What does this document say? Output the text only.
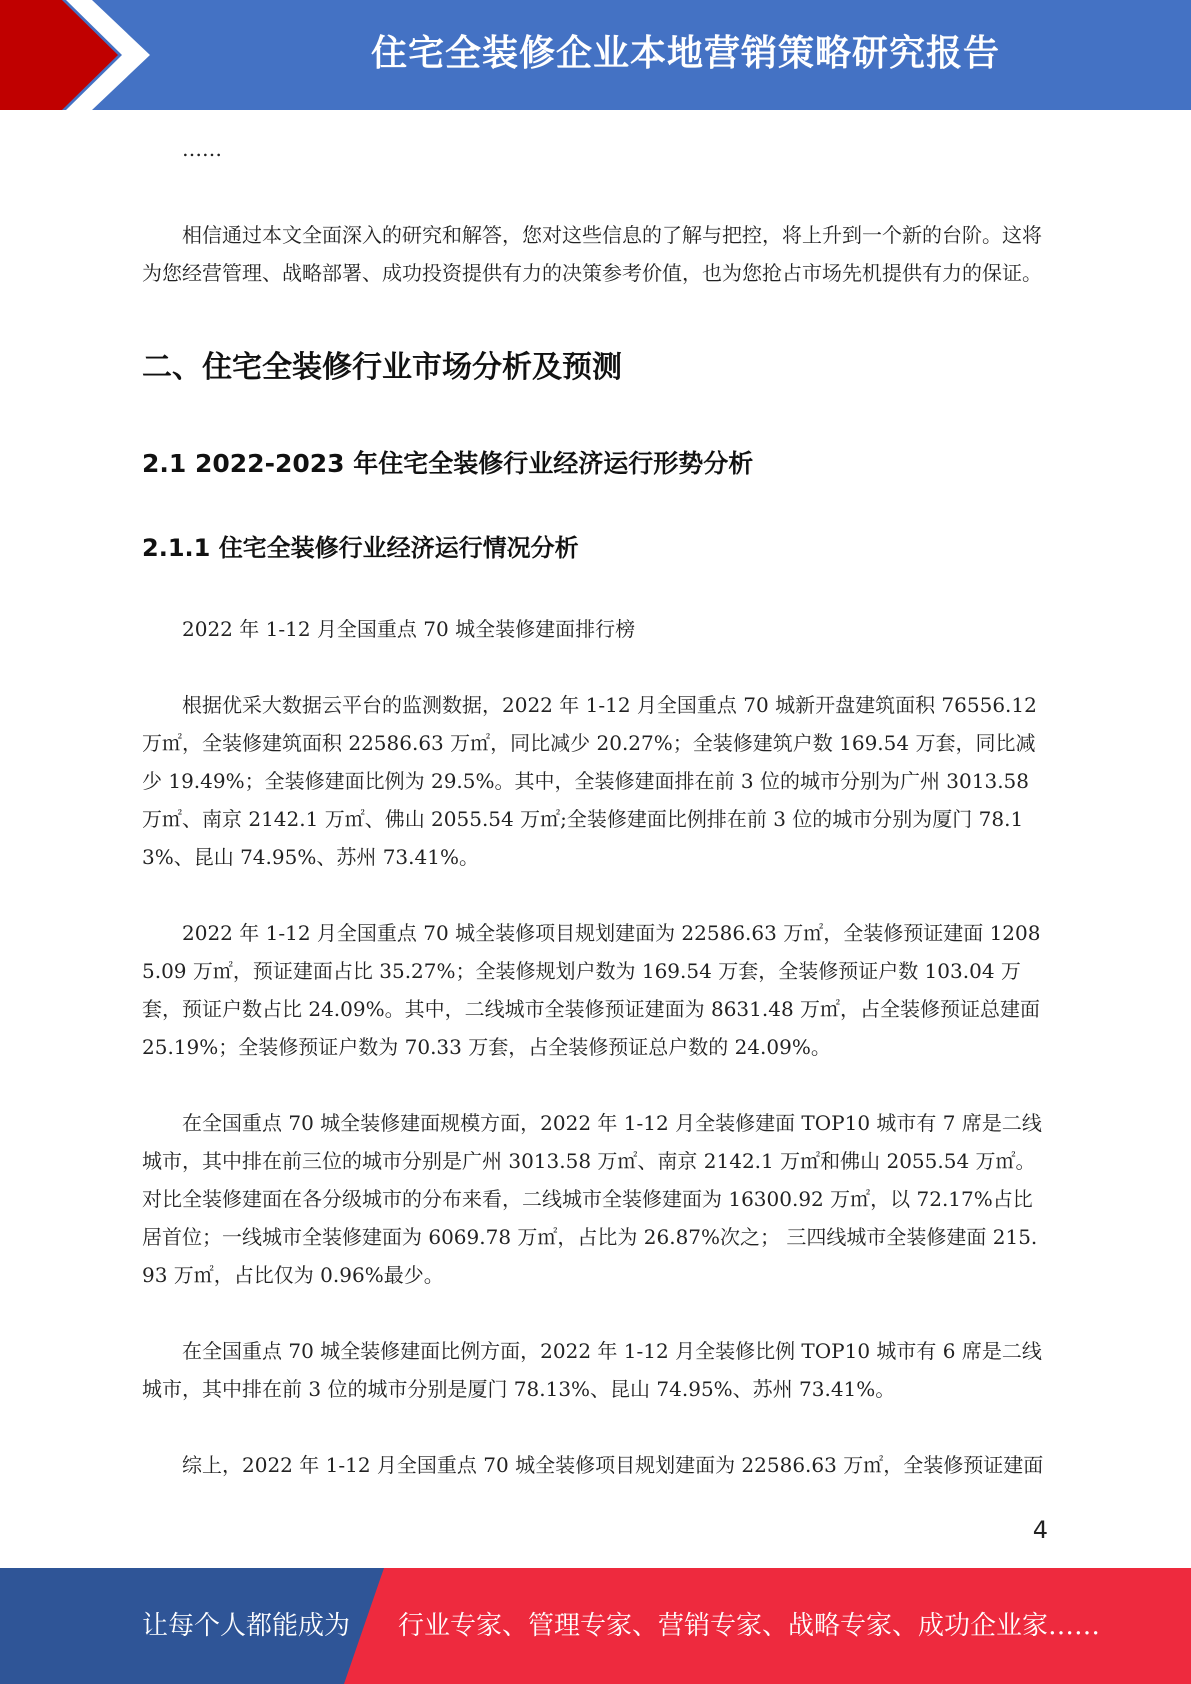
住宅全装修企业本地营销策略研究报告

……

相信通过本文全面深入的研究和解答，您对这些信息的了解与把控，将上升到一个新的台阶。这将为您经营管理、战略部署、成功投资提供有力的决策参考价值，也为您抢占市场先机提供有力的保证。

二、住宅全装修行业市场分析及预测
2.1 2022-2023 年住宅全装修行业经济运行形势分析
2.1.1 住宅全装修行业经济运行情况分析

2022 年 1-12 月全国重点 70 城全装修建面排行榜

根据优采大数据云平台的监测数据，2022 年 1-12 月全国重点 70 城新开盘建筑面积 76556.12 万㎡，全装修建筑面积 22586.63 万㎡，同比减少 20.27%；全装修建筑户数 169.54 万套，同比减少 19.49%；全装修建面比例为 29.5%。其中，全装修建面排在前 3 位的城市分别为广州 3013.58 万㎡、南京 2142.1 万㎡、佛山 2055.54 万㎡;全装修建面比例排在前 3 位的城市分别为厦门 78.13%、昆山 74.95%、苏州 73.41%。

2022 年 1-12 月全国重点 70 城全装修项目规划建面为 22586.63 万㎡，全装修预证建面 12085.09 万㎡，预证建面占比 35.27%；全装修规划户数为 169.54 万套，全装修预证户数 103.04 万套，预证户数占比 24.09%。其中，二线城市全装修预证建面为 8631.48 万㎡，占全装修预证总建面 25.19%；全装修预证户数为 70.33 万套，占全装修预证总户数的 24.09%。

在全国重点 70 城全装修建面规模方面，2022 年 1-12 月全装修建面 TOP10 城市有 7 席是二线城市，其中排在前三位的城市分别是广州 3013.58 万㎡、南京 2142.1 万㎡和佛山 2055.54 万㎡。对比全装修建面在各分级城市的分布来看，二线城市全装修建面为 16300.92 万㎡，以 72.17%占比居首位；一线城市全装修建面为 6069.78 万㎡，占比为 26.87%次之； 三四线城市全装修建面 215.93 万㎡，占比仅为 0.96%最少。

在全国重点 70 城全装修建面比例方面，2022 年 1-12 月全装修比例 TOP10 城市有 6 席是二线城市，其中排在前 3 位的城市分别是厦门 78.13%、昆山 74.95%、苏州 73.41%。

综上，2022 年 1-12 月全国重点 70 城全装修项目规划建面为 22586.63 万㎡，全装修预证建面

4
让每个人都能成为 行业专家、管理专家、营销专家、战略专家、成功企业家……
